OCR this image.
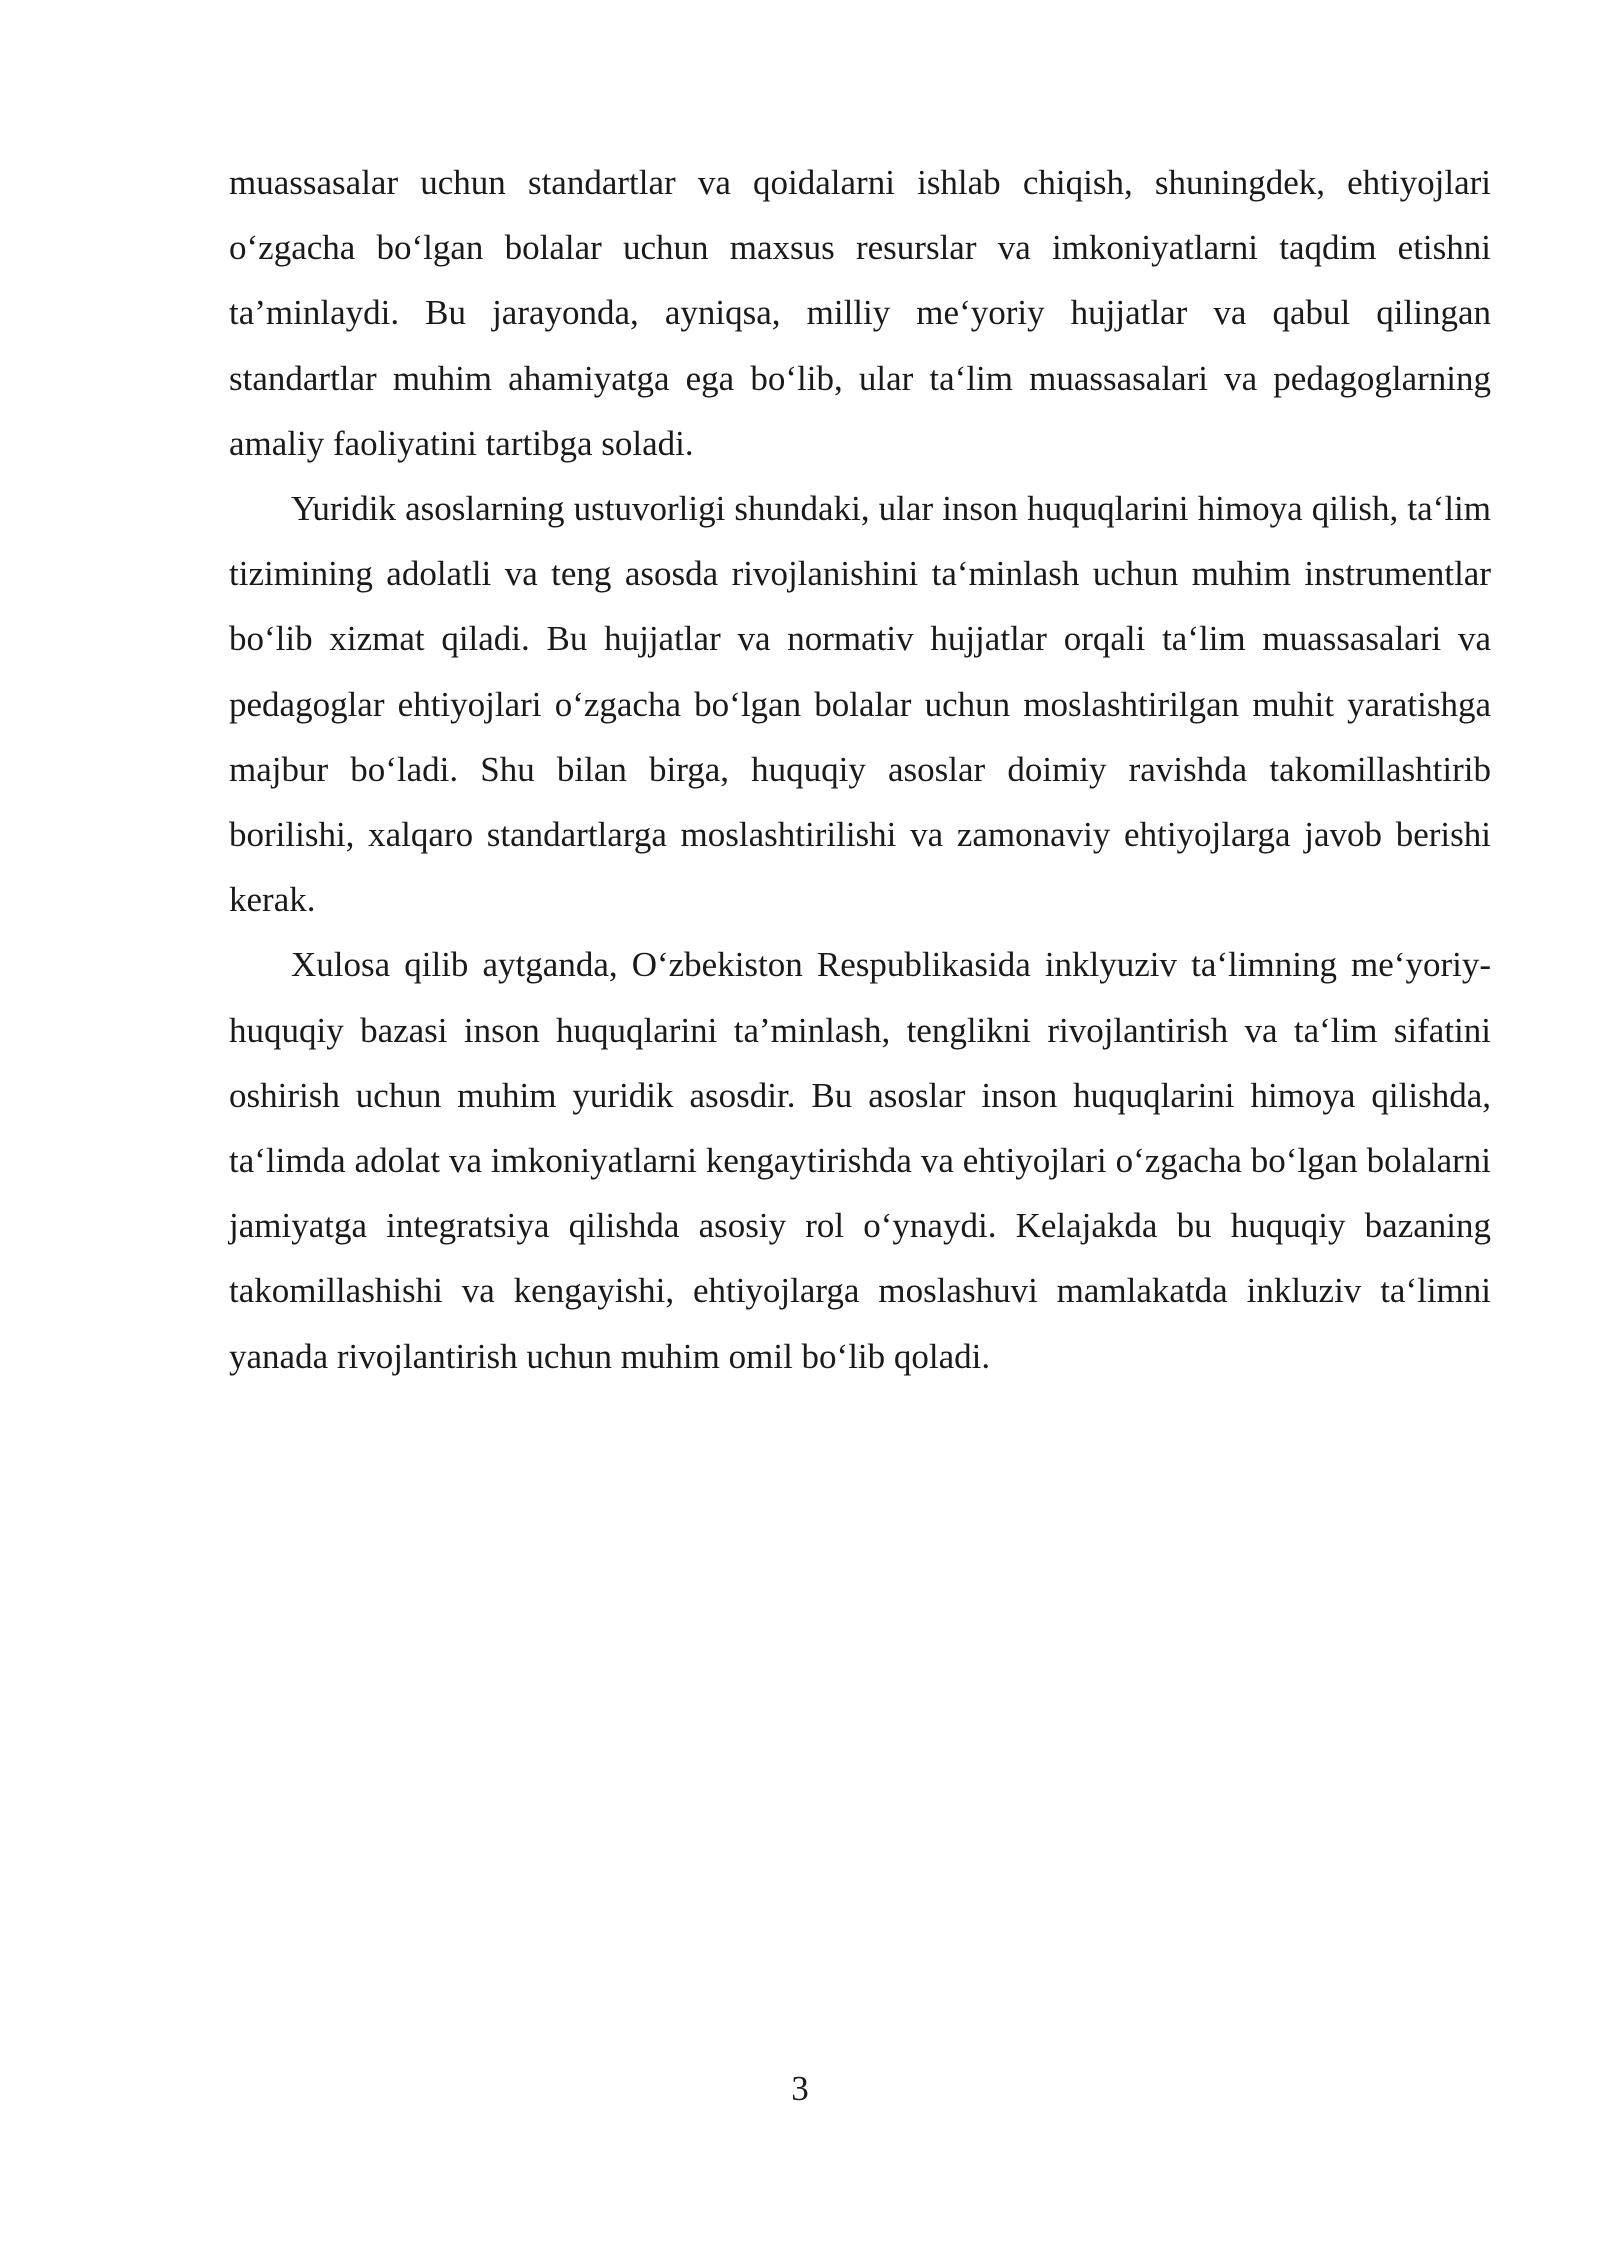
muassasalar uchun standartlar va qoidalarni ishlab chiqish, shuningdek, ehtiyojlari o‘zgacha bo‘lgan bolalar uchun maxsus resurslar va imkoniyatlarni taqdim etishni ta’minlaydi. Bu jarayonda, ayniqsa, milliy me‘yoriy hujjatlar va qabul qilingan standartlar muhim ahamiyatga ega bo‘lib, ular ta‘lim muassasalari va pedagoglarning amaliy faoliyatini tartibga soladi.

Yuridik asoslarning ustuvorligi shundaki, ular inson huquqlarini himoya qilish, ta‘lim tizimining adolatli va teng asosda rivojlanishini ta‘minlash uchun muhim instrumentlar bo‘lib xizmat qiladi. Bu hujjatlar va normativ hujjatlar orqali ta‘lim muassasalari va pedagoglar ehtiyojlari o‘zgacha bo‘lgan bolalar uchun moslashtirilgan muhit yaratishga majbur bo‘ladi. Shu bilan birga, huquqiy asoslar doimiy ravishda takomillashtirib borilishi, xalqaro standartlarga moslashtirilishi va zamonaviy ehtiyojlarga javob berishi kerak.

Xulosa qilib aytganda, O‘zbekiston Respublikasida inklyuziv ta‘limning me‘yoriy-huquqiy bazasi inson huquqlarini ta’minlash, tenglikni rivojlantirish va ta‘lim sifatini oshirish uchun muhim yuridik asosdir. Bu asoslar inson huquqlarini himoya qilishda, ta‘limda adolat va imkoniyatlarni kengaytirishda va ehtiyojlari o‘zgacha bo‘lgan bolalarni jamiyatga integratsiya qilishda asosiy rol o‘ynaydi. Kelajakda bu huquqiy bazaning takomillashishi va kengayishi, ehtiyojlarga moslashuvi mamlakatda inkluziv ta‘limni yanada rivojlantirish uchun muhim omil bo‘lib qoladi.

3
